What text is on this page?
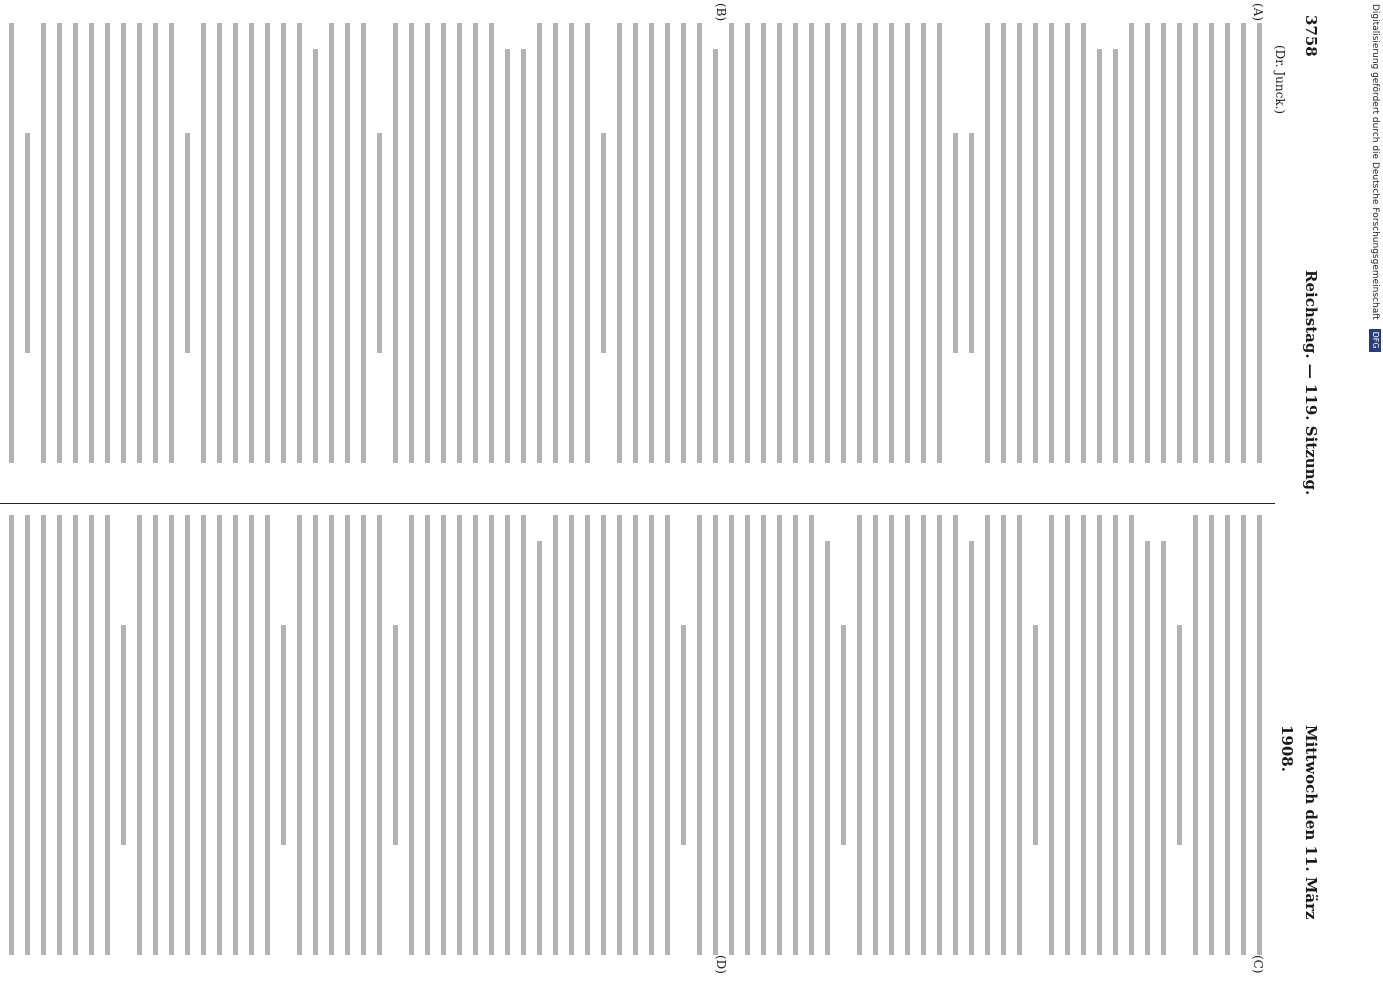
Digitalisierung gefördert durch die Deutsche Forschungsgemeinschaft DFG
3758
Reichstag. — 119. Sitzung.
Mittwoch den 11. März 1908.
(Dr. Junck.)
(A)
(B)
(C)
(D)
